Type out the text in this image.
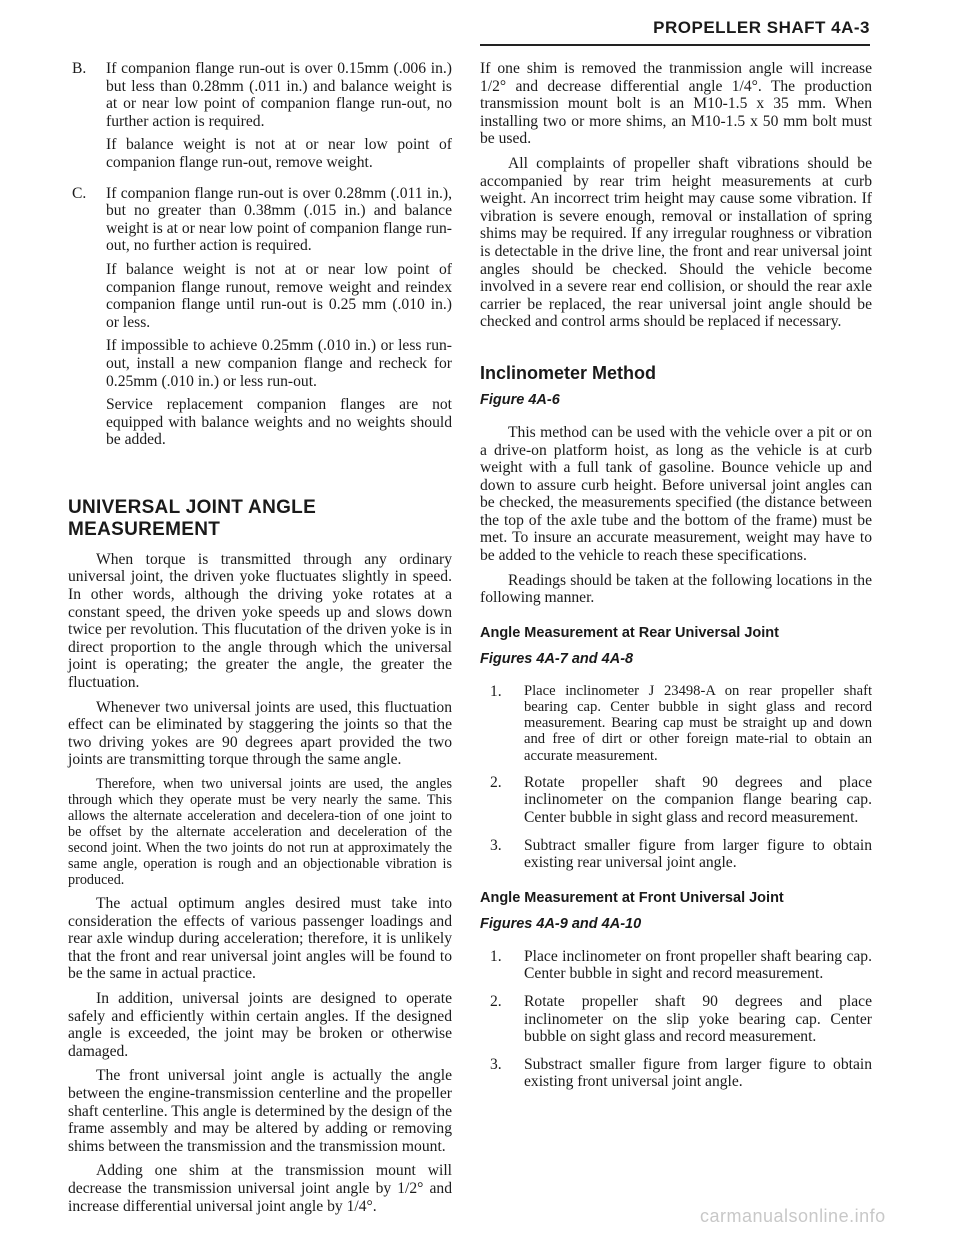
PROPELLER SHAFT 4A-3
B.	If companion flange run-out is over 0.15mm (.006 in.) but less than 0.28mm (.011 in.) and balance weight is at or near low point of companion flange run-out, no further action is required.

If balance weight is not at or near low point of companion flange run-out, remove weight.

C.	If companion flange run-out is over 0.28mm (.011 in.), but no greater than 0.38mm (.015 in.) and balance weight is at or near low point of companion flange run-out, no further action is required.

If balance weight is not at or near low point of companion flange runout, remove weight and reindex companion flange until run-out is 0.25 mm (.010 in.) or less.

If impossible to achieve 0.25mm (.010 in.) or less run-out, install a new companion flange and recheck for 0.25mm (.010 in.) or less run-out.

Service replacement companion flanges are not equipped with balance weights and no weights should be added.

UNIVERSAL JOINT ANGLE MEASUREMENT

When torque is transmitted through any ordinary universal joint, the driven yoke fluctuates slightly in speed. In other words, although the driving yoke rotates at a constant speed, the driven yoke speeds up and slows down twice per revolution. This flucutation of the driven yoke is in direct proportion to the angle through which the universal joint is operating; the greater the angle, the greater the fluctuation.

Whenever two universal joints are used, this fluctuation effect can be eliminated by staggering the joints so that the two driving yokes are 90 degrees apart provided the two joints are transmitting torque through the same angle.

Therefore, when two universal joints are used, the angles through which they operate must be very nearly the same. This allows the alternate acceleration and decelera-tion of one joint to be offset by the alternate acceleration and deceleration of the second joint. When the two joints do not run at approximately the same angle, operation is rough and an objectionable vibration is produced.

The actual optimum angles desired must take into consideration the effects of various passenger loadings and rear axle windup during acceleration; therefore, it is unlikely that the front and rear universal joint angles will be found to be the same in actual practice.

In addition, universal joints are designed to operate safely and efficiently within certain angles. If the designed angle is exceeded, the joint may be broken or otherwise damaged.

The front universal joint angle is actually the angle between the engine-transmission centerline and the propeller shaft centerline. This angle is determined by the design of the frame assembly and may be altered by adding or removing shims between the transmission and the transmission mount.

Adding one shim at the transmission mount will decrease the transmission universal joint angle by 1/2° and increase differential universal joint angle by 1/4°.

If one shim is removed the tranmission angle will increase 1/2° and decrease differential angle 1/4°. The production transmission mount bolt is an M10-1.5 x 35 mm. When installing two or more shims, an M10-1.5 x 50 mm bolt must be used.

All complaints of propeller shaft vibrations should be accompanied by rear trim height measurements at curb weight. An incorrect trim height may cause some vibration. If vibration is severe enough, removal or installation of spring shims may be required. If any irregular roughness or vibration is detectable in the drive line, the front and rear universal joint angles should be checked. Should the vehicle become involved in a severe rear end collision, or should the rear axle carrier be replaced, the rear universal joint angle should be checked and control arms should be replaced if necessary.

Inclinometer Method
Figure 4A-6

This method can be used with the vehicle over a pit or on a drive-on platform hoist, as long as the vehicle is at curb weight with a full tank of gasoline. Bounce vehicle up and down to assure curb height. Before universal joint angles can be checked, the measurements specified (the distance between the top of the axle tube and the bottom of the frame) must be met. To insure an accurate measurement, weight may have to be added to the vehicle to reach these specifications.

Readings should be taken at the following locations in the following manner.

Angle Measurement at Rear Universal Joint
Figures 4A-7 and 4A-8
1.	Place inclinometer J 23498-A on rear propeller shaft bearing cap. Center bubble in sight glass and record measurement. Bearing cap must be straight up and down and free of dirt or other foreign mate-rial to obtain an accurate measurement.
2.	Rotate propeller shaft 90 degrees and place inclinometer on the companion flange bearing cap. Center bubble in sight glass and record measurement.
3.	Subtract smaller figure from larger figure to obtain existing rear universal joint angle.
Angle Measurement at Front Universal Joint
Figures 4A-9 and 4A-10
1.	Place inclinometer on front propeller shaft bearing cap. Center bubble in sight and record measurement.
2.	Rotate propeller shaft 90 degrees and place inclinometer on the slip yoke bearing cap. Center bubble on sight glass and record measurement.
3.	Substract smaller figure from larger figure to obtain existing front universal joint angle.
carmanualsonline.info
